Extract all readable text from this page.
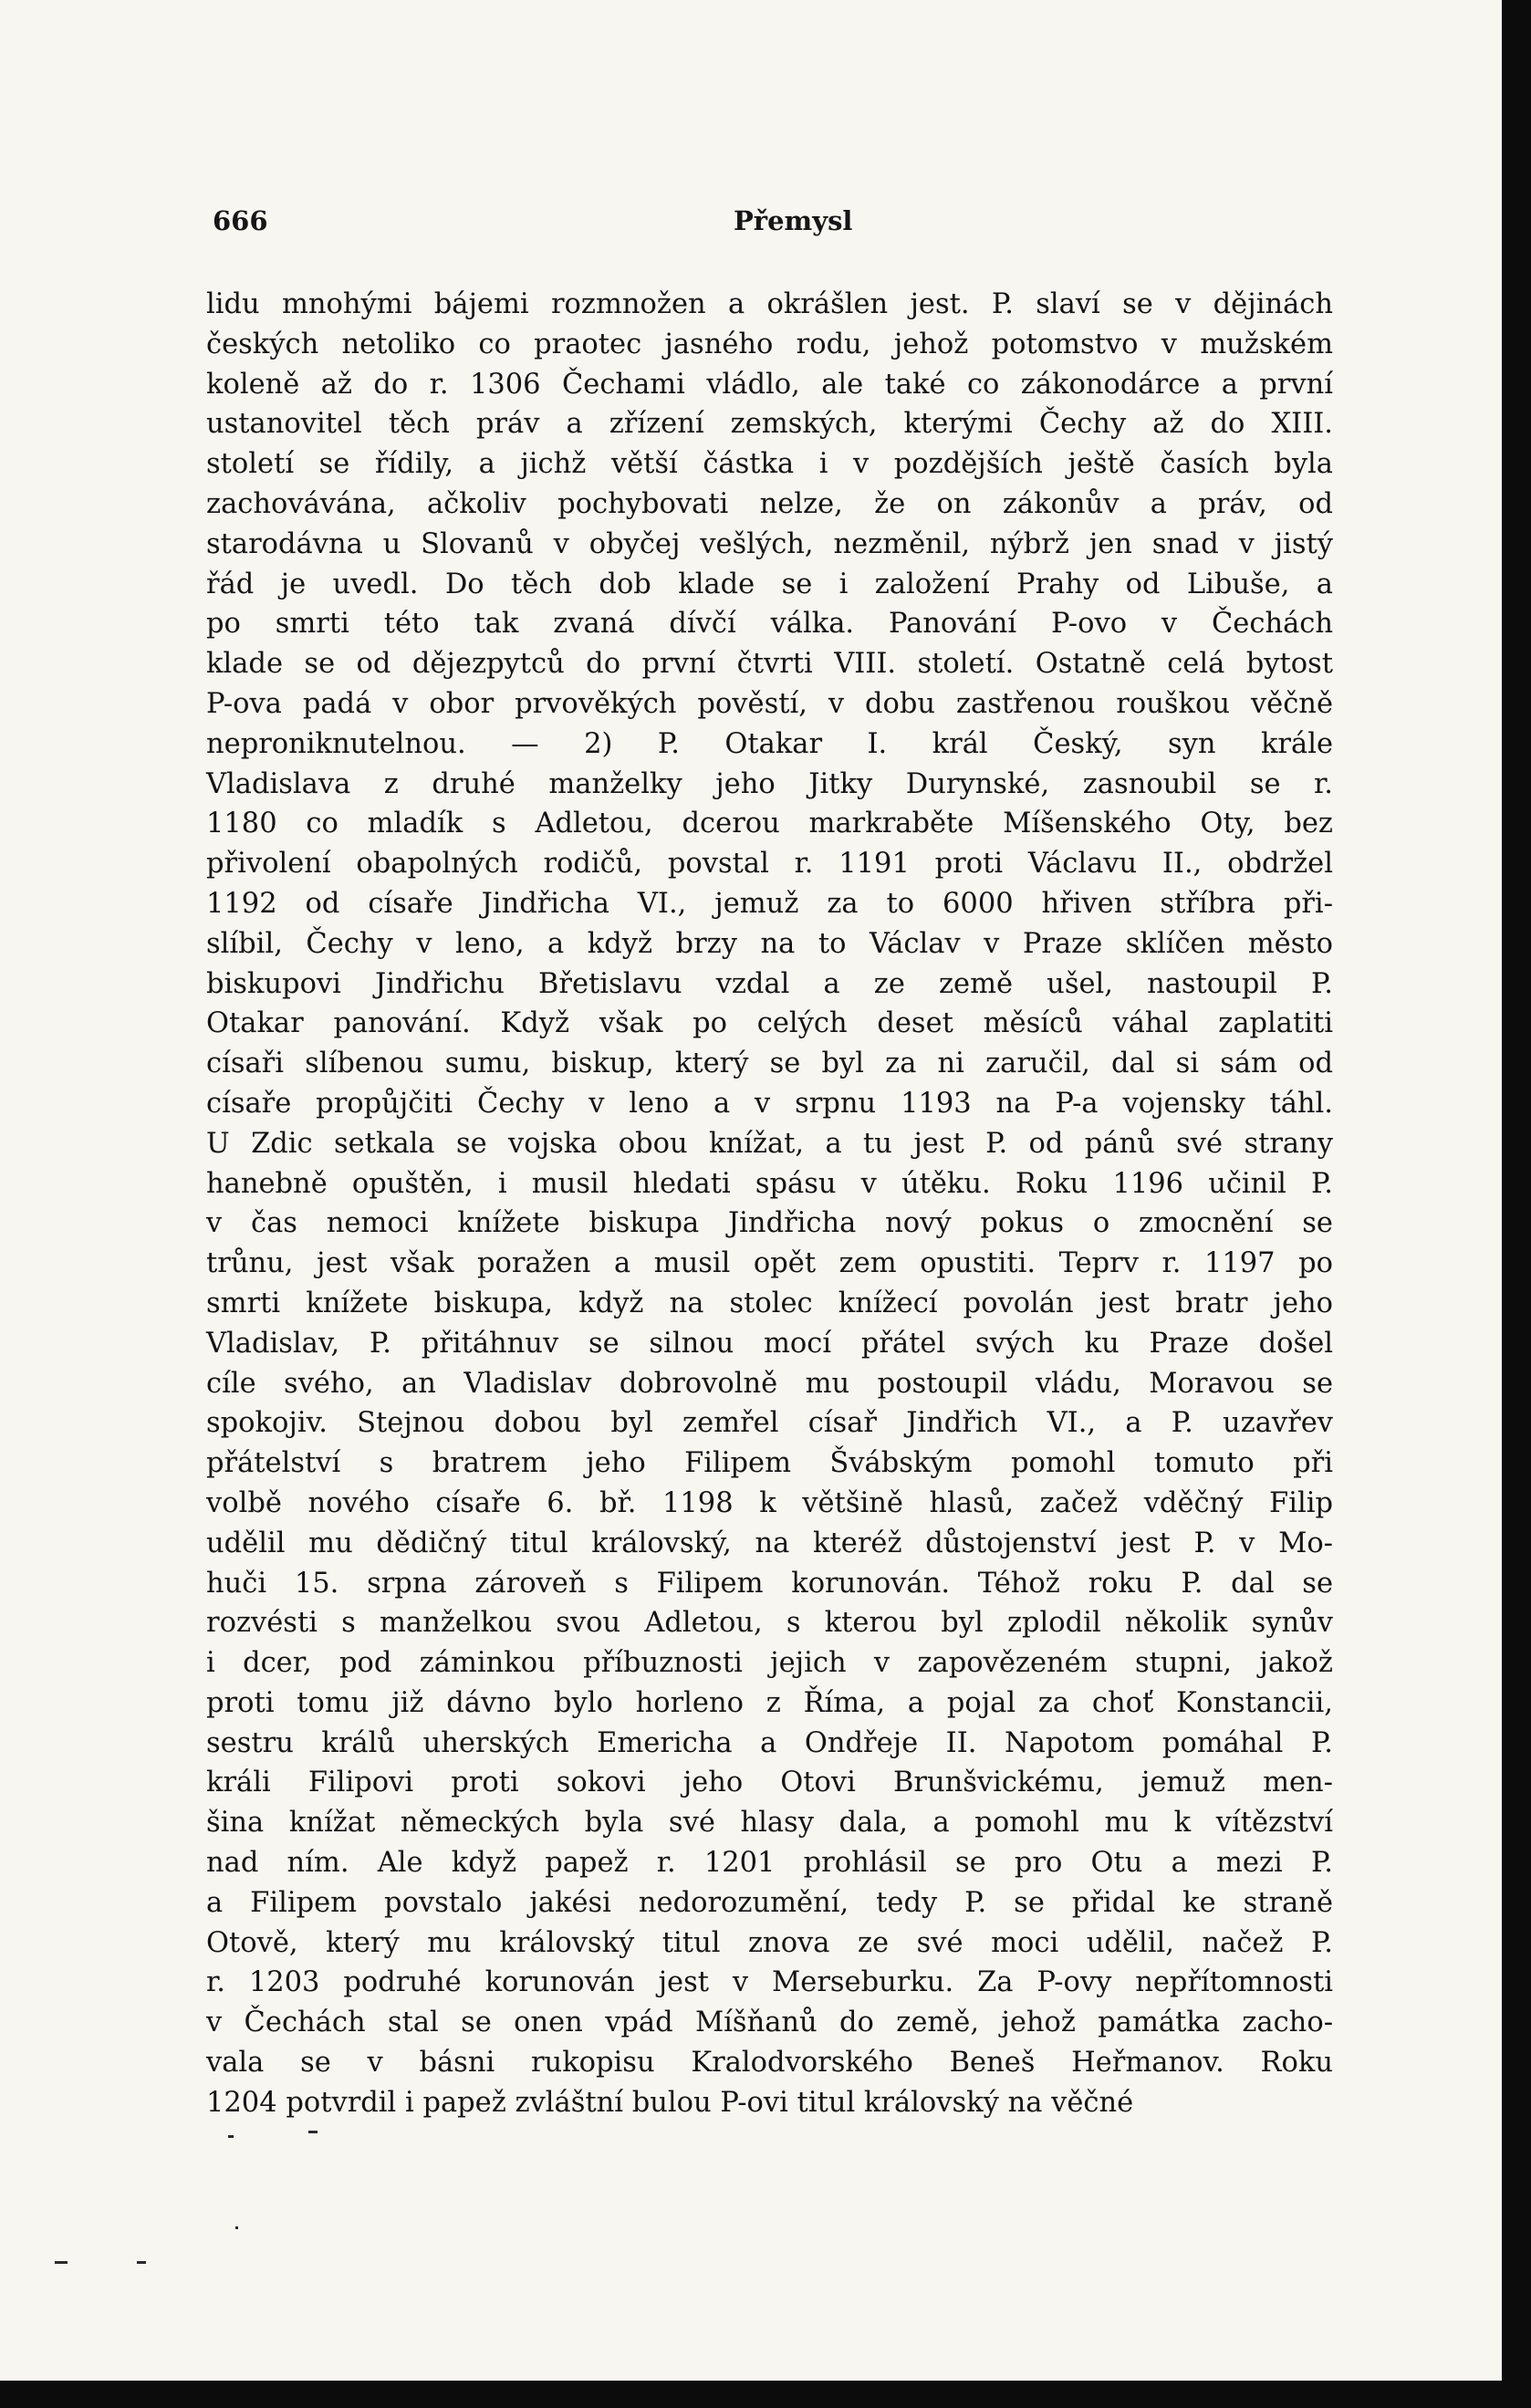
666	Přemysl
lidu mnohými bájemi rozmnožen a okrášlen jest. P. slaví se v dějinách
českých netoliko co praotec jasného rodu, jehož potomstvo v mužském
koleně až do r. 1306 Čechami vládlo, ale také co zákonodárce a první
ustanovitel těch práv a zřízení zemských, kterými Čechy až do XIII.
století se řídily, a jichž větší částka i v pozdějších ještě časích byla
zachovávána, ačkoliv pochybovati nelze, že on zákonův a práv, od
starodávna u Slovanů v obyčej vešlých, nezměnil, nýbrž jen snad v jistý
řád je uvedl. Do těch dob klade se i založení Prahy od Libuše, a
po smrti této tak zvaná dívčí válka. Panování P-ovo v Čechách
klade se od dějezpytců do první čtvrti VIII. století. Ostatně celá bytost
P-ova padá v obor prvověkých pověstí, v dobu zastřenou rouškou věčně
neproniknutelnou. — 2) P. Otakar I. král Český, syn krále
Vladislava z druhé manželky jeho Jitky Durynské, zasnoubil se r.
1180 co mladík s Adletou, dcerou markraběte Míšenského Oty, bez
přivolení obapolných rodičů, povstal r. 1191 proti Václavu II., obdržel
1192 od císaře Jindřicha VI., jemuž za to 6000 hřiven stříbra při-
slíbil, Čechy v leno, a když brzy na to Václav v Praze sklíčen město
biskupovi Jindřichu Břetislavu vzdal a ze země ušel, nastoupil P.
Otakar panování. Když však po celých deset měsíců váhal zaplatiti
císaři slíbenou sumu, biskup, který se byl za ni zaručil, dal si sám od
císaře propůjčiti Čechy v leno a v srpnu 1193 na P-a vojensky táhl.
U Zdic setkala se vojska obou knížat, a tu jest P. od pánů své strany
hanebně opuštěn, i musil hledati spásu v útěku. Roku 1196 učinil P.
v čas nemoci knížete biskupa Jindřicha nový pokus o zmocnění se
trůnu, jest však poražen a musil opět zem opustiti. Teprv r. 1197 po
smrti knížete biskupa, když na stolec knížecí povolán jest bratr jeho
Vladislav, P. přitáhnuv se silnou mocí přátel svých ku Praze došel
cíle svého, an Vladislav dobrovolně mu postoupil vládu, Moravou se
spokojiv. Stejnou dobou byl zemřel císař Jindřich VI., a P. uzavřev
přátelství s bratrem jeho Filipem Švábským pomohl tomuto při
volbě nového císaře 6. bř. 1198 k většině hlasů, začež vděčný Filip
udělil mu dědičný titul královský, na kteréž důstojenství jest P. v Mo-
huči 15. srpna zároveň s Filipem korunován. Téhož roku P. dal se
rozvésti s manželkou svou Adletou, s kterou byl zplodil několik synův
i dcer, pod záminkou příbuznosti jejich v zapovězeném stupni, jakož
proti tomu již dávno bylo horleno z Říma, a pojal za choť Konstancii,
sestru králů uherských Emericha a Ondřeje II. Napotom pomáhal P.
králi Filipovi proti sokovi jeho Otovi Brunšvickému, jemuž men-
šina knížat německých byla své hlasy dala, a pomohl mu k vítězství
nad ním. Ale když papež r. 1201 prohlásil se pro Otu a mezi P.
a Filipem povstalo jakési nedorozumění, tedy P. se přidal ke straně
Otově, který mu královský titul znova ze své moci udělil, načež P.
r. 1203 podruhé korunován jest v Merseburku. Za P-ovy nepřítomnosti
v Čechách stal se onen vpád Míšňanů do země, jehož památka zacho-
vala se v básni rukopisu Kralodvorského Beneš Heřmanov. Roku
1204 potvrdil i papež zvláštní bulou P-ovi titul královský na věčné
